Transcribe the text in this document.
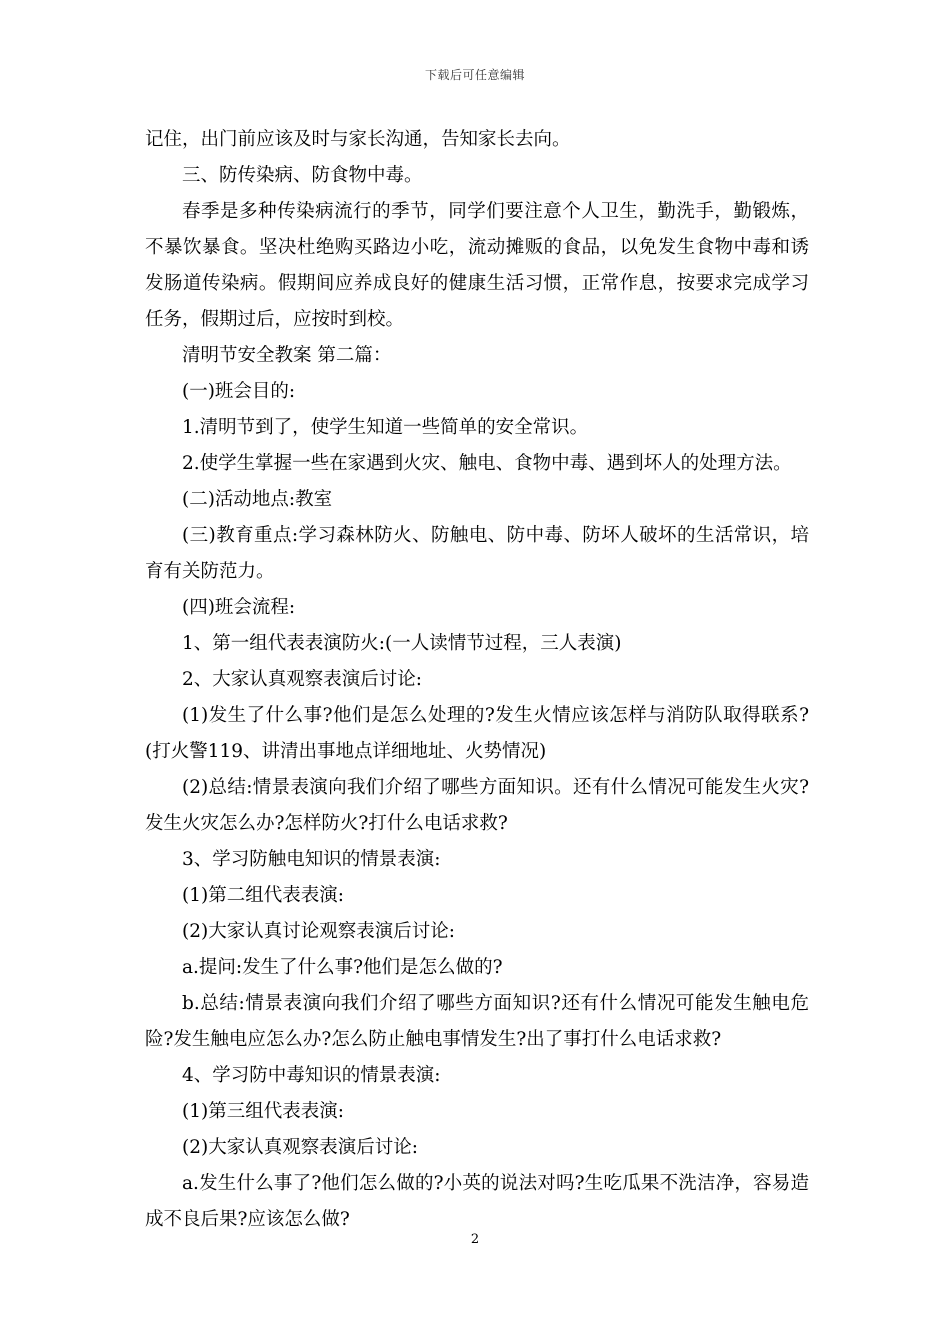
下载后可任意编辑

记住，出门前应该及时与家长沟通，告知家长去向。

三、防传染病、防食物中毒。

春季是多种传染病流行的季节，同学们要注意个人卫生，勤洗手，勤锻炼，不暴饮暴食。坚决杜绝购买路边小吃，流动摊贩的食品，以免发生食物中毒和诱发肠道传染病。假期间应养成良好的健康生活习惯，正常作息，按要求完成学习任务，假期过后，应按时到校。

清明节安全教案 第二篇：

(一)班会目的:

1.清明节到了，使学生知道一些简单的安全常识。

2.使学生掌握一些在家遇到火灾、触电、食物中毒、遇到坏人的处理方法。

(二)活动地点:教室

(三)教育重点:学习森林防火、防触电、防中毒、防坏人破坏的生活常识，培育有关防范力。

(四)班会流程:

1、第一组代表表演防火:(一人读情节过程，三人表演)

2、大家认真观察表演后讨论:

(1)发生了什么事?他们是怎么处理的?发生火情应该怎样与消防队取得联系?(打火警119、讲清出事地点详细地址、火势情况)

(2)总结:情景表演向我们介绍了哪些方面知识。还有什么情况可能发生火灾?发生火灾怎么办?怎样防火?打什么电话求救?

3、学习防触电知识的情景表演:

(1)第二组代表表演:

(2)大家认真讨论观察表演后讨论:

a.提问:发生了什么事?他们是怎么做的?

b.总结:情景表演向我们介绍了哪些方面知识?还有什么情况可能发生触电危险?发生触电应怎么办?怎么防止触电事情发生?出了事打什么电话求救?

4、学习防中毒知识的情景表演:

(1)第三组代表表演:

(2)大家认真观察表演后讨论:

a.发生什么事了?他们怎么做的?小英的说法对吗?生吃瓜果不洗洁净，容易造成不良后果?应该怎么做?

2
